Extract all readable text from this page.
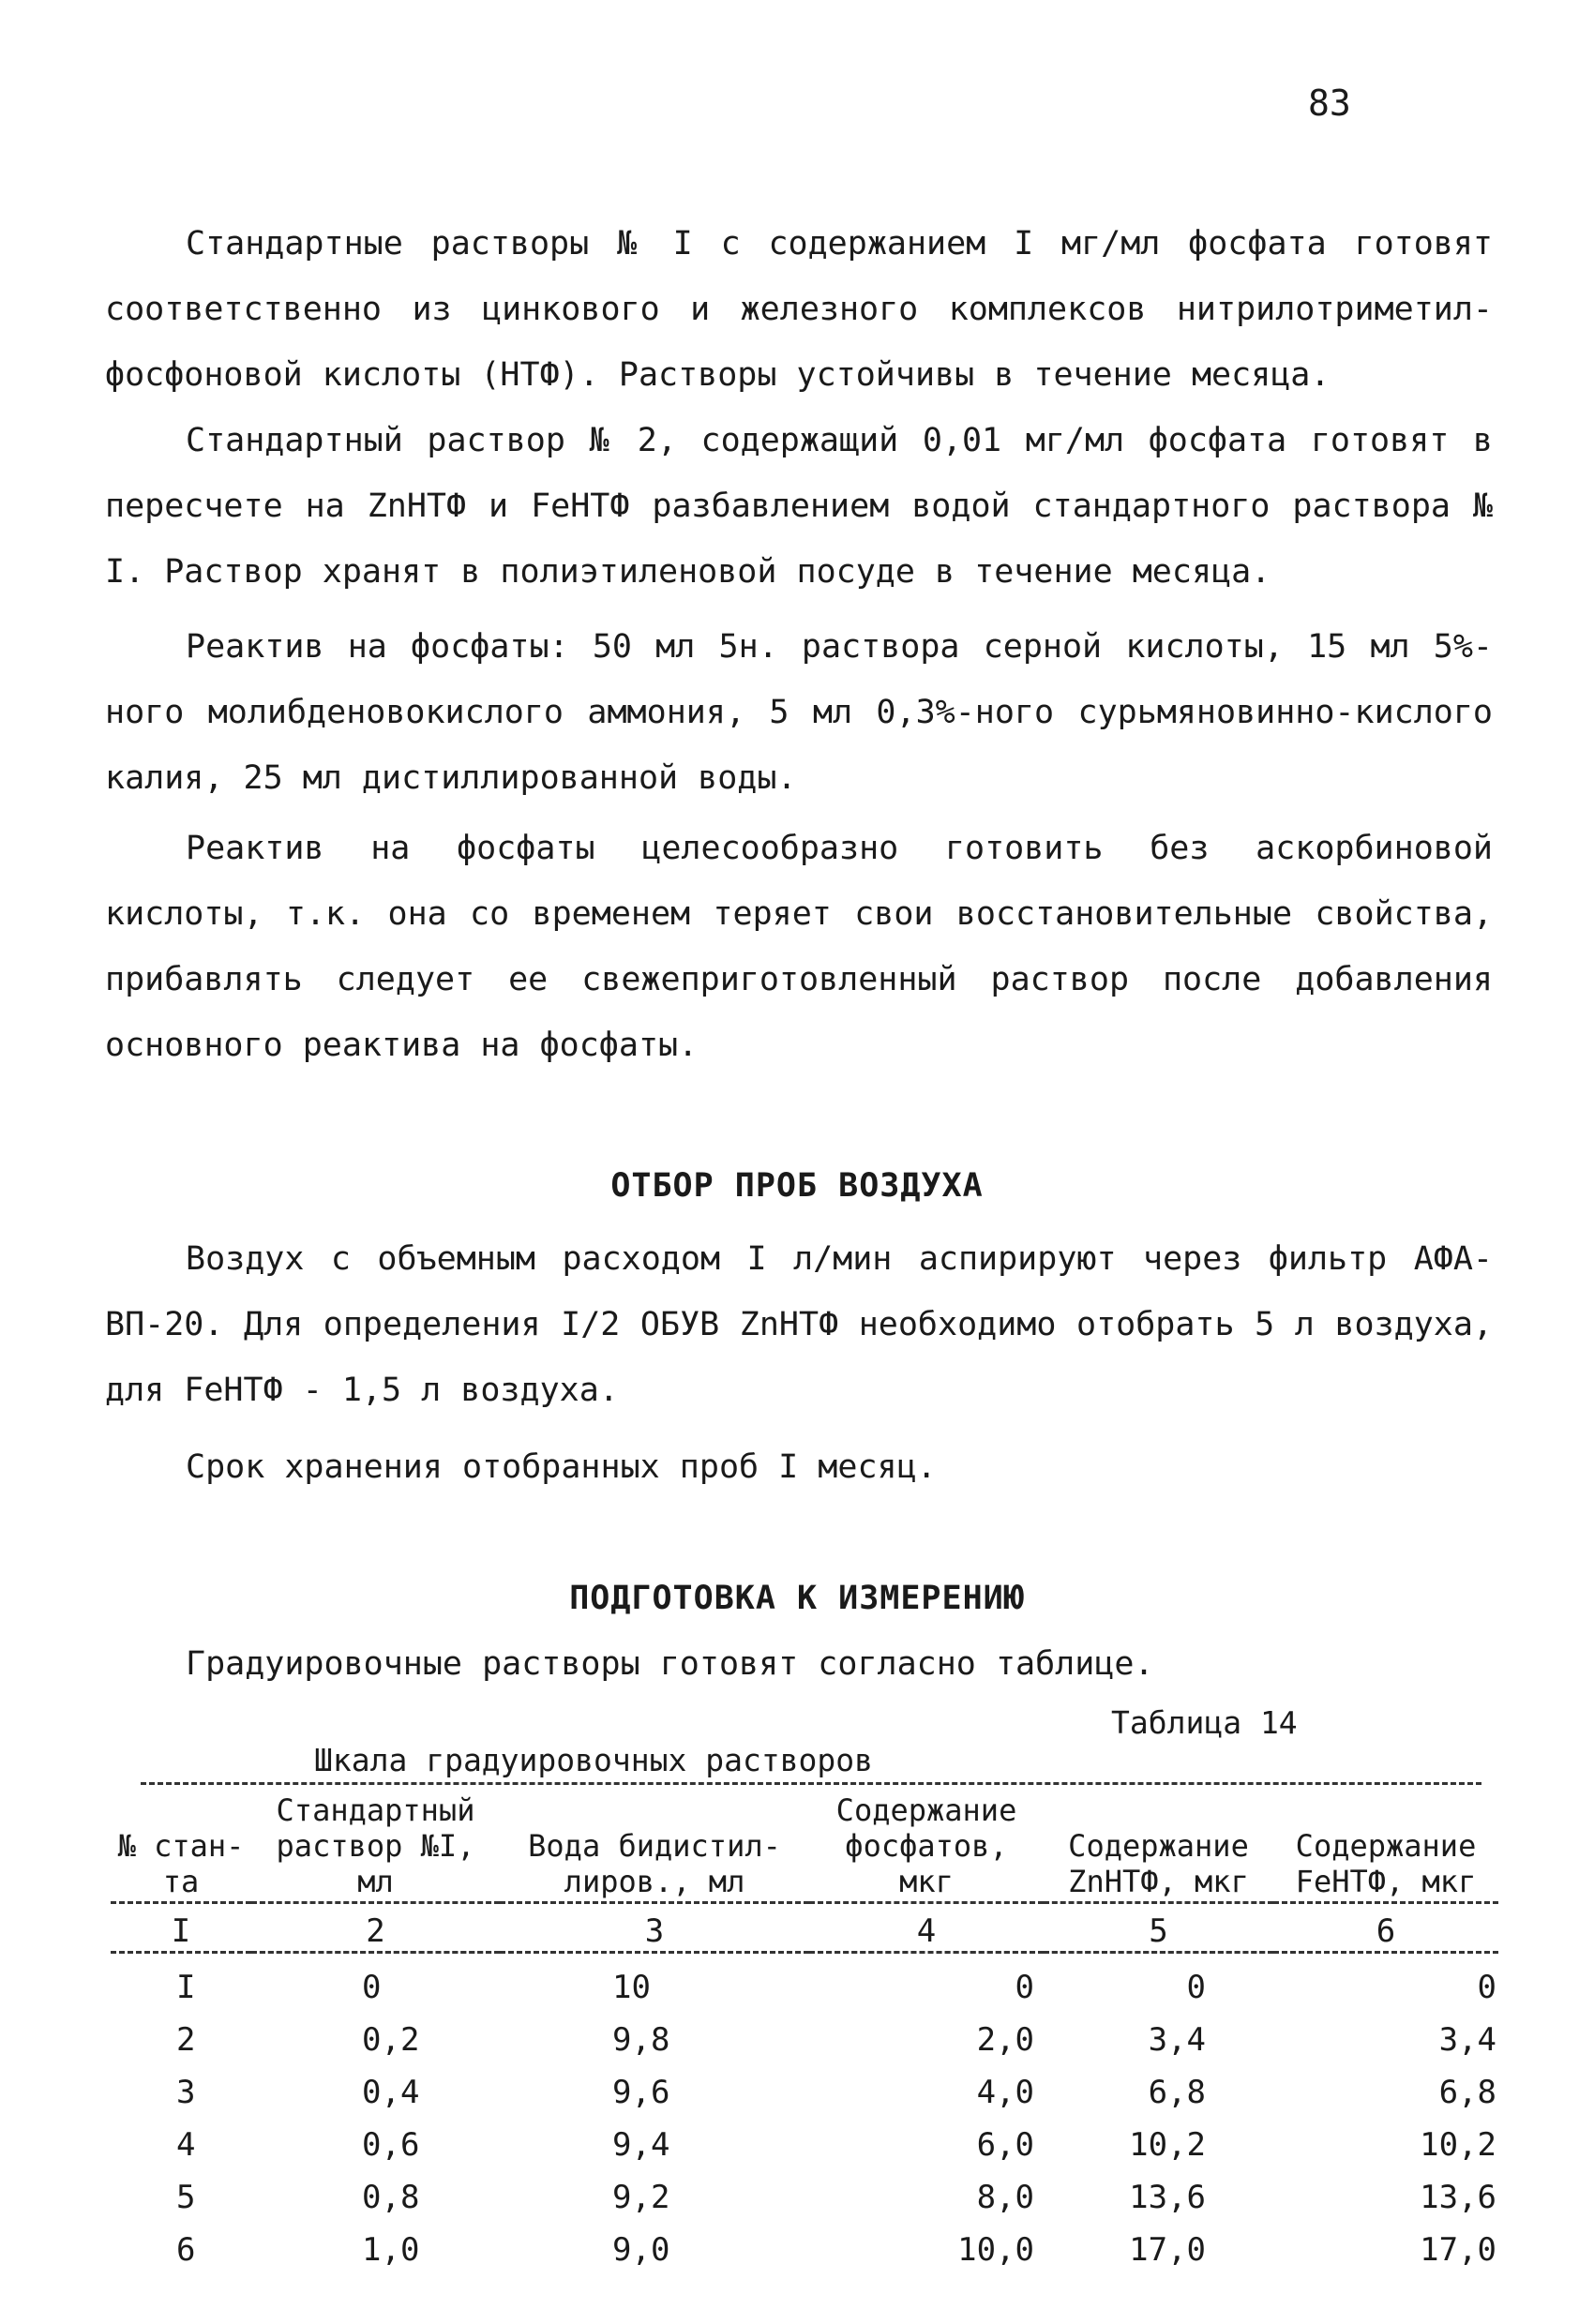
83

Стандартные растворы № I с содержанием I мг/мл фосфата готовят соответственно из цинкового и железного комплексов нитрилотриметил-фосфоновой кислоты (НТФ). Растворы устойчивы в течение месяца.

Стандартный раствор № 2, содержащий 0,01 мг/мл фосфата готовят в пересчете на ZnНТФ и FeНТФ разбавлением водой стандартного раствора № I. Раствор хранят в полиэтиленовой посуде в течение месяца.

Реактив на фосфаты: 50 мл 5н. раствора серной кислоты, 15 мл 5%-ного молибденовокислого аммония, 5 мл 0,3%-ного сурьмяновинно-кислого калия, 25 мл дистиллированной воды.

Реактив на фосфаты целесообразно готовить без аскорбиновой кислоты, т.к. она со временем теряет свои восстановительные свойства, прибавлять следует ее свежеприготовленный раствор после добавления основного реактива на фосфаты.

ОТБОР ПРОБ ВОЗДУХА

Воздух с объемным расходом I л/мин аспирируют через фильтр АФА-ВП-20. Для определения I/2 ОБУВ ZnНТФ необходимо отобрать 5 л воздуха, для FeНТФ - 1,5 л воздуха.

Срок хранения отобранных проб I месяц.

ПОДГОТОВКА К ИЗМЕРЕНИЮ

Градуировочные растворы готовят согласно таблице.

Таблица 14
Шкала градуировочных растворов
№ стан-та	Стандартный раствор №I, мл	Вода бидистил-лиров., мл	Содержание фосфатов, мкг	Содержание ZnНТФ, мкг	Содержание FeНТФ, мкг
I	2	3	4	5	6
I	0	10	0	0	0
2	0,2	9,8	2,0	3,4	3,4
3	0,4	9,6	4,0	6,8	6,8
4	0,6	9,4	6,0	10,2	10,2
5	0,8	9,2	8,0	13,6	13,6
6	1,0	9,0	10,0	17,0	17,0
